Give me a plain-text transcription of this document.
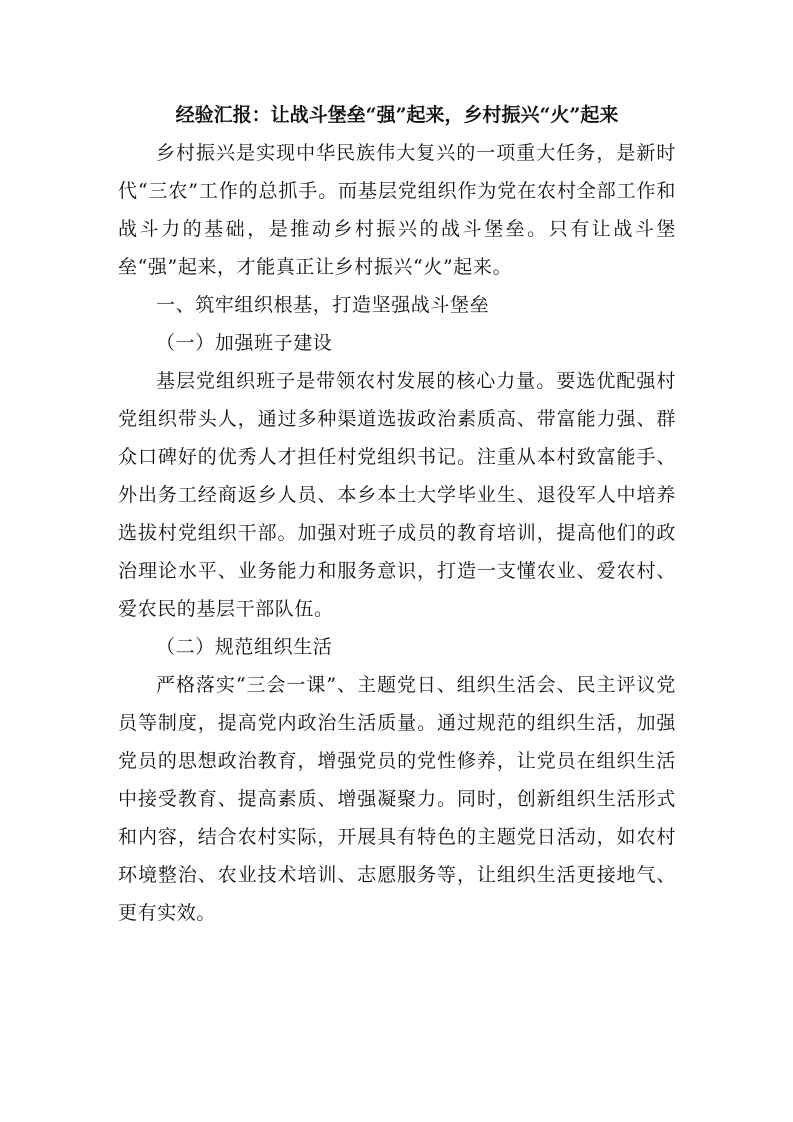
经验汇报：让战斗堡垒“强”起来，乡村振兴“火”起来

乡村振兴是实现中华民族伟大复兴的一项重大任务，是新时代“三农”工作的总抓手。而基层党组织作为党在农村全部工作和战斗力的基础，是推动乡村振兴的战斗堡垒。只有让战斗堡垒“强”起来，才能真正让乡村振兴“火”起来。

一、筑牢组织根基，打造坚强战斗堡垒

（一）加强班子建设

基层党组织班子是带领农村发展的核心力量。要选优配强村党组织带头人，通过多种渠道选拔政治素质高、带富能力强、群众口碑好的优秀人才担任村党组织书记。注重从本村致富能手、外出务工经商返乡人员、本乡本土大学毕业生、退役军人中培养选拔村党组织干部。加强对班子成员的教育培训，提高他们的政治理论水平、业务能力和服务意识，打造一支懂农业、爱农村、爱农民的基层干部队伍。

（二）规范组织生活

严格落实“三会一课”、主题党日、组织生活会、民主评议党员等制度，提高党内政治生活质量。通过规范的组织生活，加强党员的思想政治教育，增强党员的党性修养，让党员在组织生活中接受教育、提高素质、增强凝聚力。同时，创新组织生活形式和内容，结合农村实际，开展具有特色的主题党日活动，如农村环境整治、农业技术培训、志愿服务等，让组织生活更接地气、更有实效。
